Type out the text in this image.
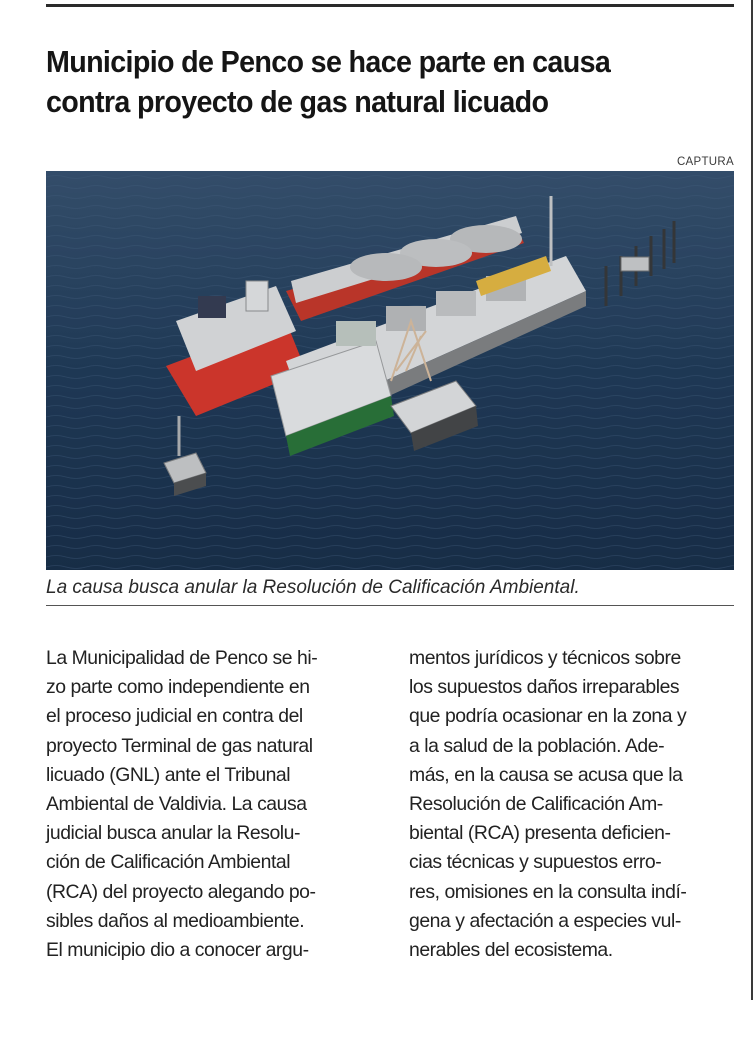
Municipio de Penco se hace parte en causa
contra proyecto de gas natural licuado
CAPTURA

La causa busca anular la Resolución de Calificación Ambiental.

La Municipalidad de Penco se hi-
zo parte como independiente en
el proceso judicial en contra del
proyecto Terminal de gas natural
licuado (GNL) ante el Tribunal
Ambiental de Valdivia. La causa
judicial busca anular la Resolu-
ción de Calificación Ambiental
(RCA) del proyecto alegando po-
sibles daños al medioambiente.
El municipio dio a conocer argu-
mentos jurídicos y técnicos sobre
los supuestos daños irreparables
que podría ocasionar en la zona y
a la salud de la población. Ade-
más, en la causa se acusa que la
Resolución de Calificación Am-
biental (RCA) presenta deficien-
cias técnicas y supuestos erro-
res, omisiones en la consulta indí-
gena y afectación a especies vul-
nerables del ecosistema.
